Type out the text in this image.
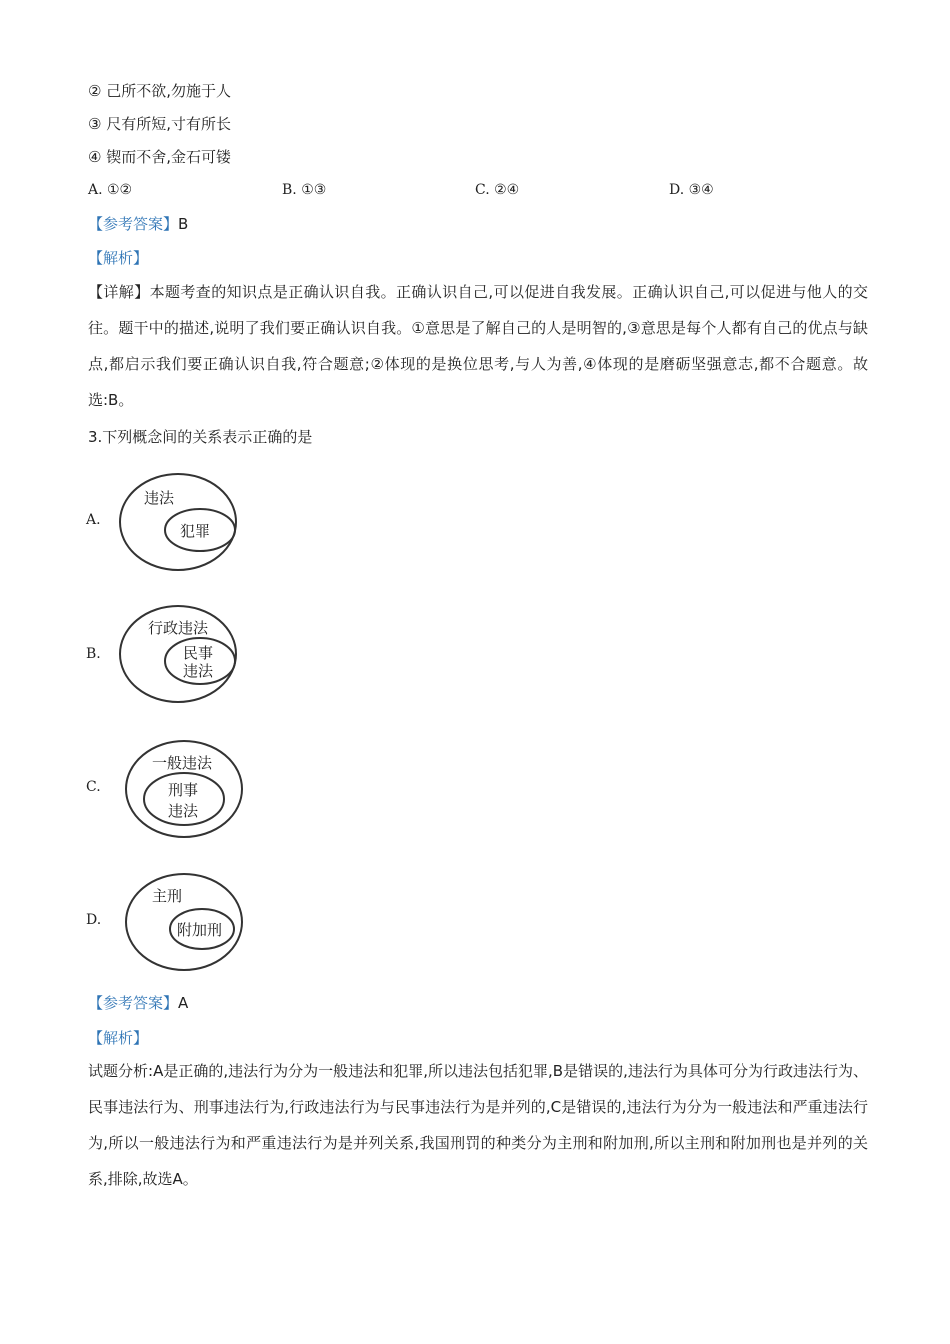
② 己所不欲,勿施于人
③ 尺有所短,寸有所长
④ 锲而不舍,金石可镂
A. ①②	B. ①③	C. ②④	D. ③④
【参考答案】B
【解析】
【详解】本题考查的知识点是正确认识自我。正确认识自己,可以促进自我发展。正确认识自己,可以促进与他人的交往。题干中的描述,说明了我们要正确认识自我。①意思是了解自己的人是明智的,③意思是每个人都有自己的优点与缺点,都启示我们要正确认识自我,符合题意;②体现的是换位思考,与人为善,④体现的是磨砺坚强意志,都不合题意。故选:B。
3.下列概念间的关系表示正确的是
A.
违法
犯罪
B.
行政违法
民事
违法
C.
一般违法
刑事
违法
D.
主刑
附加刑
【参考答案】A
【解析】
试题分析:A是正确的,违法行为分为一般违法和犯罪,所以违法包括犯罪,B是错误的,违法行为具体可分为行政违法行为、民事违法行为、刑事违法行为,行政违法行为与民事违法行为是并列的,C是错误的,违法行为分为一般违法和严重违法行为,所以一般违法行为和严重违法行为是并列关系,我国刑罚的种类分为主刑和附加刑,所以主刑和附加刑也是并列的关系,排除,故选A。
